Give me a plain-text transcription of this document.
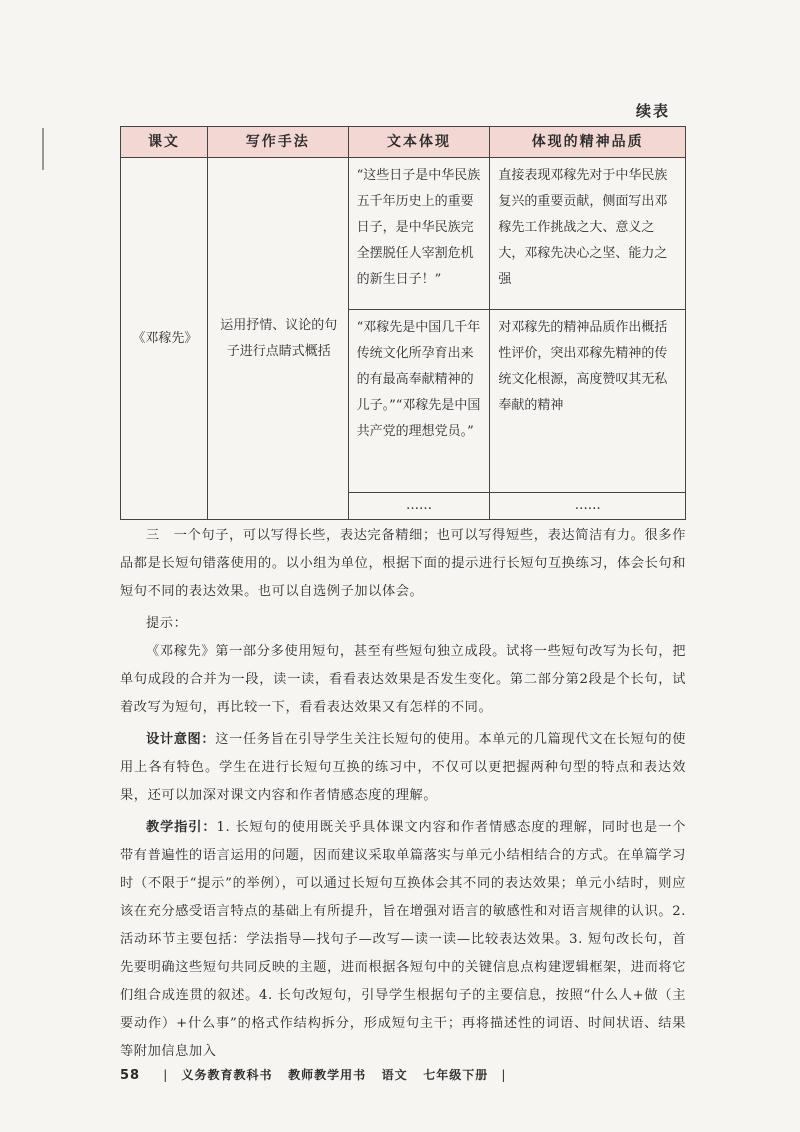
续表
课文	写作手法	文本体现	体现的精神品质
《邓稼先》	运用抒情、议论的句子进行点睛式概括	“这些日子是中华民族五千年历史上的重要日子，是中华民族完全摆脱任人宰割危机的新生日子！”	直接表现邓稼先对于中华民族复兴的重要贡献，侧面写出邓稼先工作挑战之大、意义之大，邓稼先决心之坚、能力之强
		“邓稼先是中国几千年传统文化所孕育出来的有最高奉献精神的儿子。”“邓稼先是中国共产党的理想党员。”	对邓稼先的精神品质作出概括性评价，突出邓稼先精神的传统文化根源，高度赞叹其无私奉献的精神
		……	……

三　一个句子，可以写得长些，表达完备精细；也可以写得短些，表达简洁有力。很多作品都是长短句错落使用的。以小组为单位，根据下面的提示进行长短句互换练习，体会长句和短句不同的表达效果。也可以自选例子加以体会。

提示：

《邓稼先》第一部分多使用短句，甚至有些短句独立成段。试将一些短句改写为长句，把单句成段的合并为一段，读一读，看看表达效果是否发生变化。第二部分第2段是个长句，试着改写为短句，再比较一下，看看表达效果又有怎样的不同。

设计意图：这一任务旨在引导学生关注长短句的使用。本单元的几篇现代文在长短句的使用上各有特色。学生在进行长短句互换的练习中，不仅可以更把握两种句型的特点和表达效果，还可以加深对课文内容和作者情感态度的理解。

教学指引：1. 长短句的使用既关乎具体课文内容和作者情感态度的理解，同时也是一个带有普遍性的语言运用的问题，因而建议采取单篇落实与单元小结相结合的方式。在单篇学习时（不限于“提示”的举例），可以通过长短句互换体会其不同的表达效果；单元小结时，则应该在充分感受语言特点的基础上有所提升，旨在增强对语言的敏感性和对语言规律的认识。2. 活动环节主要包括：学法指导—找句子—改写—读一读—比较表达效果。3. 短句改长句，首先要明确这些短句共同反映的主题，进而根据各短句中的关键信息点构建逻辑框架，进而将它们组合成连贯的叙述。4. 长句改短句，引导学生根据句子的主要信息，按照“什么人+做（主要动作）+什么事”的格式作结构拆分，形成短句主干；再将描述性的词语、时间状语、结果等附加信息加入

58 | 义务教育教科书 教师教学用书 语文 七年级下册 |
